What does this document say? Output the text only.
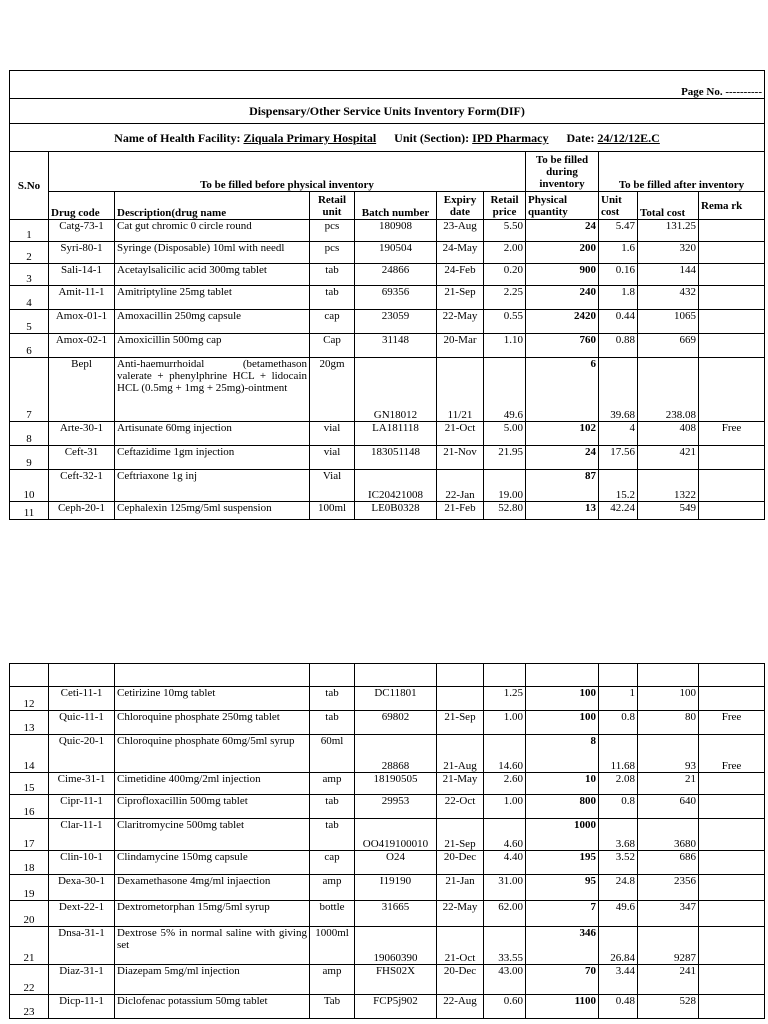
Page No. ----------										
Dispensary/Other Service Units Inventory Form(DIF)										
Name of Health Facility: Ziquala Primary Hospital Unit (Section): IPD Pharmacy Date: 24/12/12E.C										
S.No	To be filled before physical inventory						To be filled during inventory	To be filled after inventory		
	Drug code	Description(drug name	Retail unit	Batch number	Expiry date	Retail price	Physical quantity	Unit cost	Total cost	Rema rk
1	Catg-73-1	Cat gut chromic 0 circle round	pcs	180908	23-Aug	5.50	24	5.47	131.25	
2	Syri-80-1	Syringe (Disposable) 10ml with needl	pcs	190504	24-May	2.00	200	1.6	320	
3	Sali-14-1	Acetaylsalicilic acid 300mg tablet	tab	24866	24-Feb	0.20	900	0.16	144	
4	Amit-11-1	Amitriptyline 25mg tablet	tab	69356	21-Sep	2.25	240	1.8	432	
5	Amox-01-1	Amoxacillin 250mg capsule	cap	23059	22-May	0.55	2420	0.44	1065	
6	Amox-02-1	Amoxicillin 500mg cap	Cap	31148	20-Mar	1.10	760	0.88	669	
7	Bepl	Anti-haemurrhoidal (betamethason valerate + phenylphrine HCL + lidocain HCL (0.5mg + 1mg + 25mg)-ointment	20gm	GN18012	11/21	49.6	6	39.68	238.08	
8	Arte-30-1	Artisunate 60mg injection	vial	LA181118	21-Oct	5.00	102	4	408	Free
9	Ceft-31	Ceftazidime 1gm injection	vial	183051148	21-Nov	21.95	24	17.56	421	
10	Ceft-32-1	Ceftriaxone 1g inj	Vial	IC20421008	22-Jan	19.00	87	15.2	1322	
11	Ceph-20-1	Cephalexin 125mg/5ml suspension	100ml	LE0B0328	21-Feb	52.80	13	42.24	549	

12	Ceti-11-1	Cetirizine 10mg tablet	tab	DC11801		1.25	100	1	100	
13	Quic-11-1	Chloroquine phosphate 250mg tablet	tab	69802	21-Sep	1.00	100	0.8	80	Free
14	Quic-20-1	Chloroquine phosphate 60mg/5ml syrup	60ml	28868	21-Aug	14.60	8	11.68	93	Free
15	Cime-31-1	Cimetidine 400mg/2ml injection	amp	18190505	21-May	2.60	10	2.08	21	
16	Cipr-11-1	Ciprofloxacillin 500mg tablet	tab	29953	22-Oct	1.00	800	0.8	640	
17	Clar-11-1	Claritromycine 500mg tablet	tab	OO419100010	21-Sep	4.60	1000	3.68	3680	
18	Clin-10-1	Clindamycine 150mg capsule	cap	O24	20-Dec	4.40	195	3.52	686	
19	Dexa-30-1	Dexamethasone 4mg/ml injaection	amp	I19190	21-Jan	31.00	95	24.8	2356	
20	Dext-22-1	Dextrometorphan 15mg/5ml syrup	bottle	31665	22-May	62.00	7	49.6	347	
21	Dnsa-31-1	Dextrose 5% in normal saline with giving set	1000ml	19060390	21-Oct	33.55	346	26.84	9287	
22	Diaz-31-1	Diazepam 5mg/ml injection	amp	FHS02X	20-Dec	43.00	70	3.44	241	
23	Dicp-11-1	Diclofenac potassium 50mg tablet	Tab	FCP5j902	22-Aug	0.60	1100	0.48	528	
